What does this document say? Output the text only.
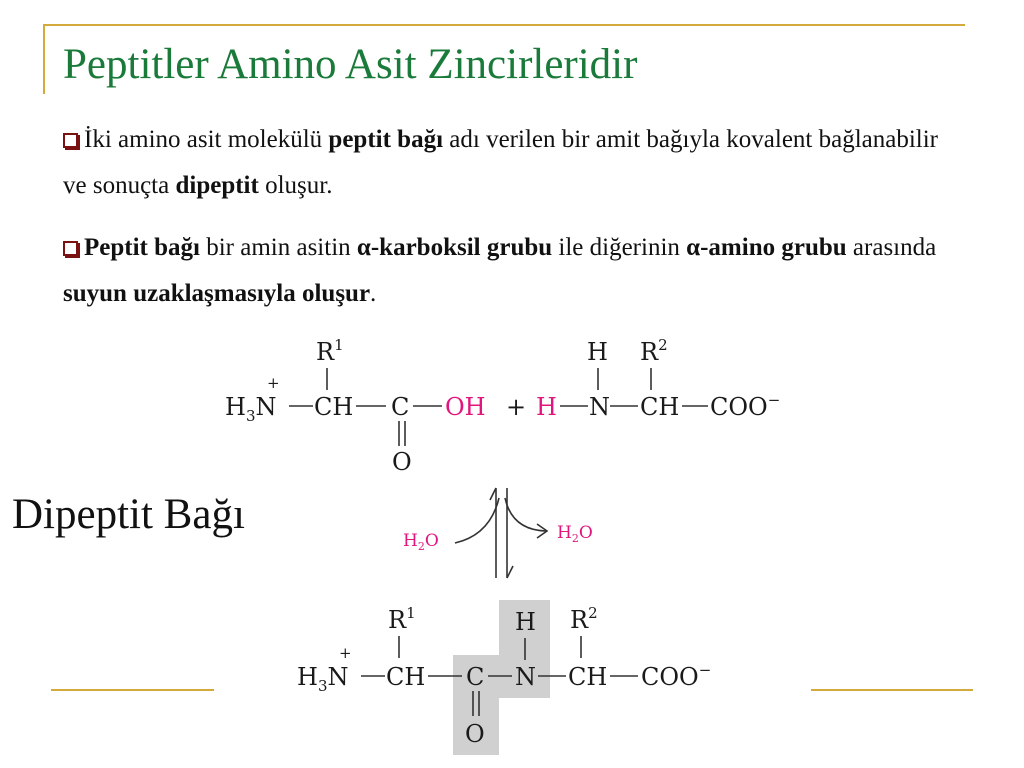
Peptitler Amino Asit Zincirleridir
İki amino asit molekülü peptit bağı adı verilen bir amit bağıyla kovalent bağlanabilir ve sonuçta dipeptit oluşur.
Peptit bağı bir amin asitin α-karboksil grubu ile diğerinin α-amino grubu arasında suyun uzaklaşmasıyla oluşur.
Dipeptit Bağı
$R^1$
$H_3N$
+
CH C
O
OH + H
H
N
$R^2$
CH COO−
$H_2O$	$H_2O$
$R^1$
$H_3N$
+
CH C
O
H
N
$R^2$
CH COO−
